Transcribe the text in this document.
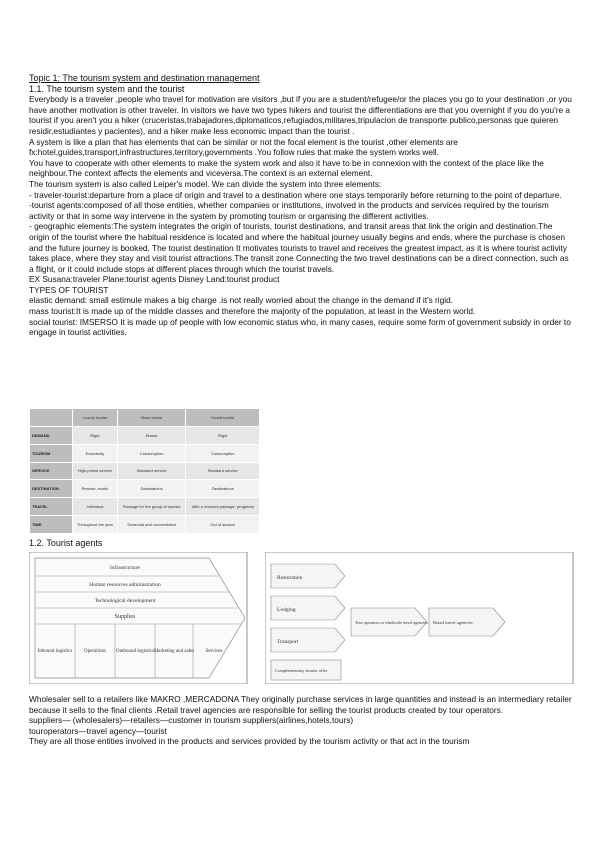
Topic 1: The tourism system and destination management

1.1. The tourism system and the tourist

Everybody is a traveler ,people who travel for motivation are visitors ,but if you are a student/refugee/or the places you go to your destination ,or you have another motivation is other traveler. In visitors we have two types hikers and tourist the differentiations are that you overnight if you do you're a tourist if you aren't you a hiker (cruceristas,trabajadores,diplomaticos,refugiados,militares,tripulacion de transporte publico,personas que quieren residir,estudiantes y pacientes), and a hiker make less economic impact than the tourist .

A system is like a plan that has elements that can be similar or not the focal element is the tourist ,other elements are fx:hotel,guides,transport,infrastructures,territory,governments .You follow rules that make the system works well.

You have to cooperate with other elements to make the system work and also it have to be in connexion with the context of the place like the neighbour.The context affects the elements and viceversa.The context is an external element.

The tourism system is also called Leiper's model. We can divide the system into three elements:

- traveler-tourist:departure from a place of origin and travel to a destination where one stays temporarily before returning to the point of departure.

-tourist agents:composed of all those entities, whether companies or institutions, involved in the products and services required by the tourism activity or that in some way intervene in the system by promoting tourism or organising the different activities.

- geographic elements:The system integrates the origin of tourists, tourist destinations, and transit areas that link the origin and destination.The origin of the tourist where the habitual residence is located and where the habitual journey usually begins and ends, where the purchase is chosen and the future journey is booked. The tourist destination It motivates tourists to travel and receives the greatest impact, as it is where tourist activity takes place, where they stay and visit tourist attractions.The transit zone Connecting the two travel destinations can be a direct connection, such as a flight, or it could include stops at different places through which the tourist travels.

EX Susana:traveler Plane:tourist agents Disney Land:tourist product

TYPES OF TOURIST

elastic demand: small estimule makes a big charge .is not really worried about the change in the demand if it's rigid.

mass tourist:It is made up of the middle classes and therefore the majority of the population, at least in the Western world.

social tourist: IMSERSO It is made up of people with low economic status who, in many cases, require some form of government subsidy in order to engage in tourist activities.

	Luxury tourist	Mass tourist	Social tourist
DEMAND	Rigid	Elastic	Rigid
TOURISM	Exclusivity	Consumption	Consumption
SERVICE	High-priced service	Standard service	Standard service
DESTINATION	Remote, exotic	Destinations	Destinations
TRAVEL	Individual	Package for the group of tourists	With a reduced package, programs
TIME	Throughout the year	Seasonal and concentrated	Out of season

1.2. Tourist agents

Infrastructure
Human resources administration
Technological development
Supplies
Inbound logistics Operations Outbound logistics Marketing and sales Services
Restoration
Lodging
Transport
Complementary tourist offer
Tour operators or wholesale travel agencies Retail travel agencies

Wholesaler sell to a retailers like MAKRO ,MERCADONA They originally purchase services in large quantities and instead is an intermediary retailer because it sells to the final clients .Retail travel agencies are responsible for selling the tourist products created by tour operators.

suppliers— (wholesalers)—retailers—customer in tourism suppliers(airlines,hotels,tours)

touroperators—travel agency—tourist

They are all those entities involved in the products and services provided by the tourism activity or that act in the tourism
